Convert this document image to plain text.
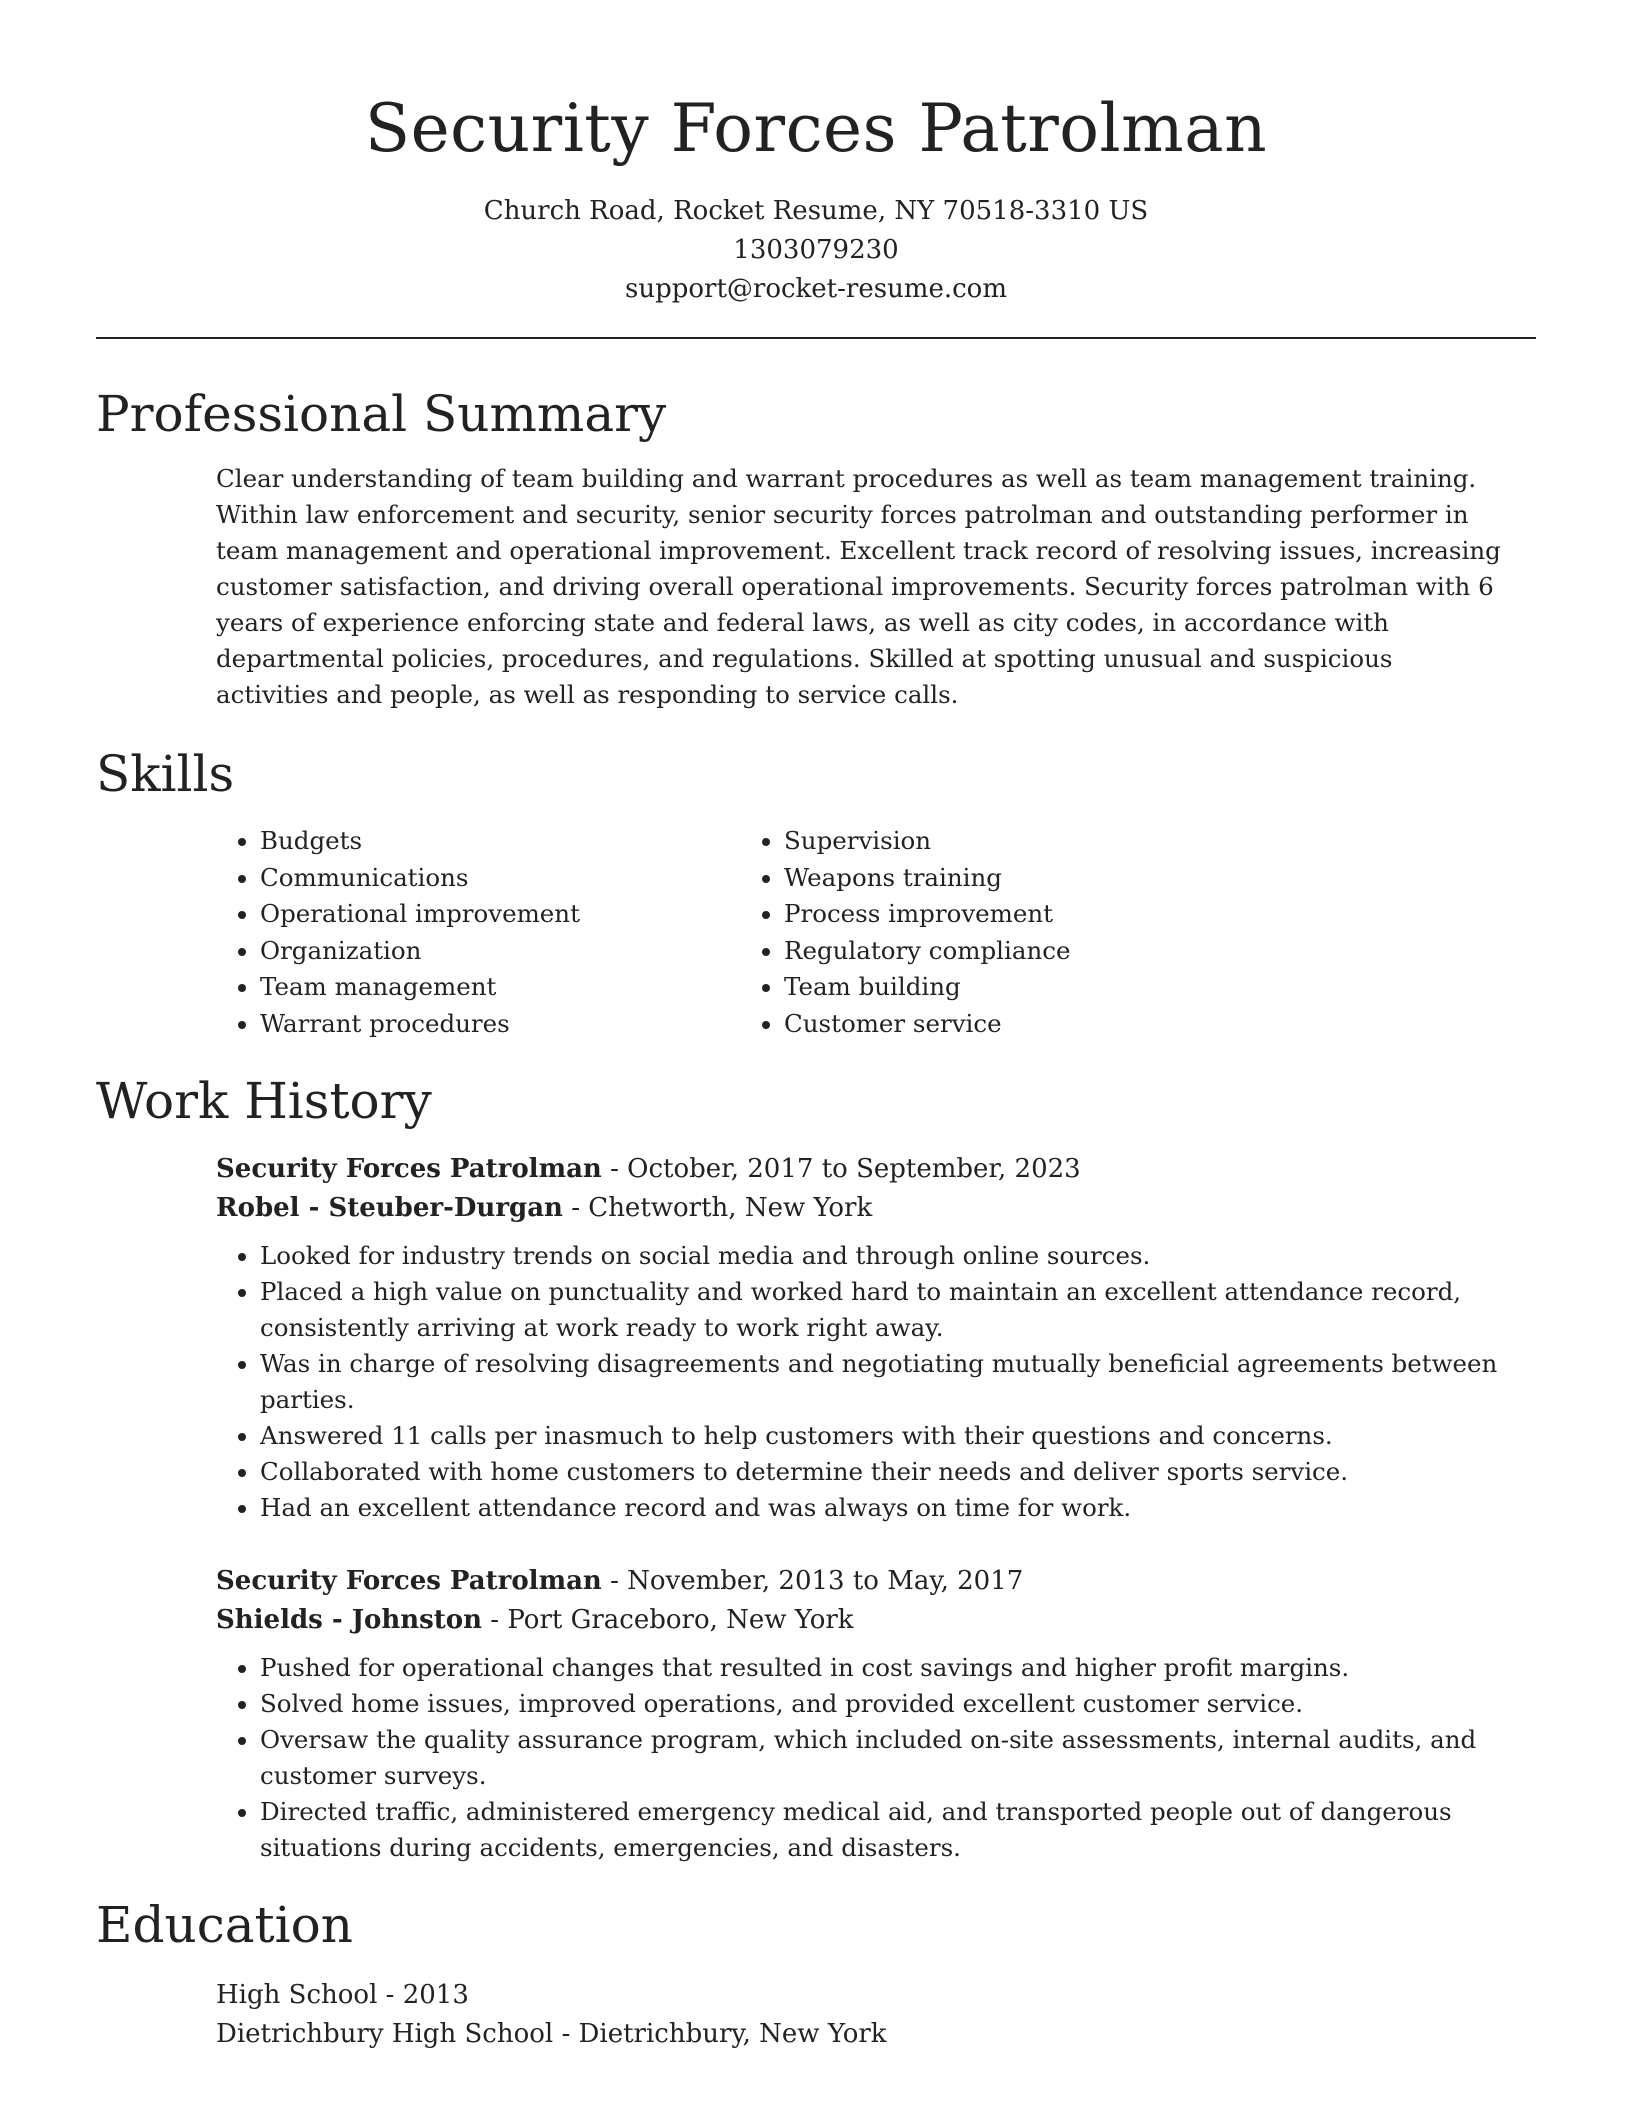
Security Forces Patrolman
Church Road, Rocket Resume, NY 70518-3310 US
1303079230
support@rocket-resume.com
Professional Summary
Clear understanding of team building and warrant procedures as well as team management training. Within law enforcement and security, senior security forces patrolman and outstanding performer in team management and operational improvement. Excellent track record of resolving issues, increasing customer satisfaction, and driving overall operational improvements. Security forces patrolman with 6 years of experience enforcing state and federal laws, as well as city codes, in accordance with departmental policies, procedures, and regulations. Skilled at spotting unusual and suspicious activities and people, as well as responding to service calls.
Skills
• Budgets
• Communications
• Operational improvement
• Organization
• Team management
• Warrant procedures
• Supervision
• Weapons training
• Process improvement
• Regulatory compliance
• Team building
• Customer service
Work History
Security Forces Patrolman - October, 2017 to September, 2023
Robel - Steuber-Durgan - Chetworth, New York
• Looked for industry trends on social media and through online sources.
• Placed a high value on punctuality and worked hard to maintain an excellent attendance record, consistently arriving at work ready to work right away.
• Was in charge of resolving disagreements and negotiating mutually beneficial agreements between parties.
• Answered 11 calls per inasmuch to help customers with their questions and concerns.
• Collaborated with home customers to determine their needs and deliver sports service.
• Had an excellent attendance record and was always on time for work.
Security Forces Patrolman - November, 2013 to May, 2017
Shields - Johnston - Port Graceboro, New York
• Pushed for operational changes that resulted in cost savings and higher profit margins.
• Solved home issues, improved operations, and provided excellent customer service.
• Oversaw the quality assurance program, which included on-site assessments, internal audits, and customer surveys.
• Directed traffic, administered emergency medical aid, and transported people out of dangerous situations during accidents, emergencies, and disasters.
Education
High School - 2013
Dietrichbury High School - Dietrichbury, New York
